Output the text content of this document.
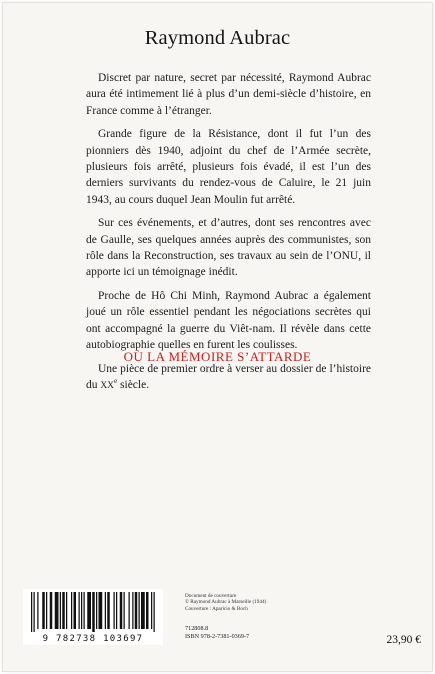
Raymond Aubrac

Discret par nature, secret par nécessité, Raymond Aubrac aura été intimement lié à plus d’un demi-siècle d’histoire, en France comme à l’étranger.

Grande figure de la Résistance, dont il fut l’un des pionniers dès 1940, adjoint du chef de l’Armée secrète, plusieurs fois arrêté, plusieurs fois évadé, il est l’un des derniers survivants du rendez-vous de Caluire, le 21 juin 1943, au cours duquel Jean Moulin fut arrêté.

Sur ces événements, et d’autres, dont ses rencontres avec de Gaulle, ses quelques années auprès des communistes, son rôle dans la Reconstruction, ses travaux au sein de l’ONU, il apporte ici un témoignage inédit.

Proche de Hô Chi Minh, Raymond Aubrac a également joué un rôle essentiel pendant les négociations secrètes qui ont accompagné la guerre du Viêt-nam. Il révèle dans cette autobiographie quelles en furent les coulisses.

Une pièce de premier ordre à verser au dossier de l’histoire du XXe siècle.

OÙ LA MÉMOIRE S’ATTARDE
9 782738 103697
Document de couverture
© Raymond Aubrac à Marseille (1944)
Couverture : Aparicio & Boch
712808.8
ISBN 978-2-7381-0369-7	23,90 €
